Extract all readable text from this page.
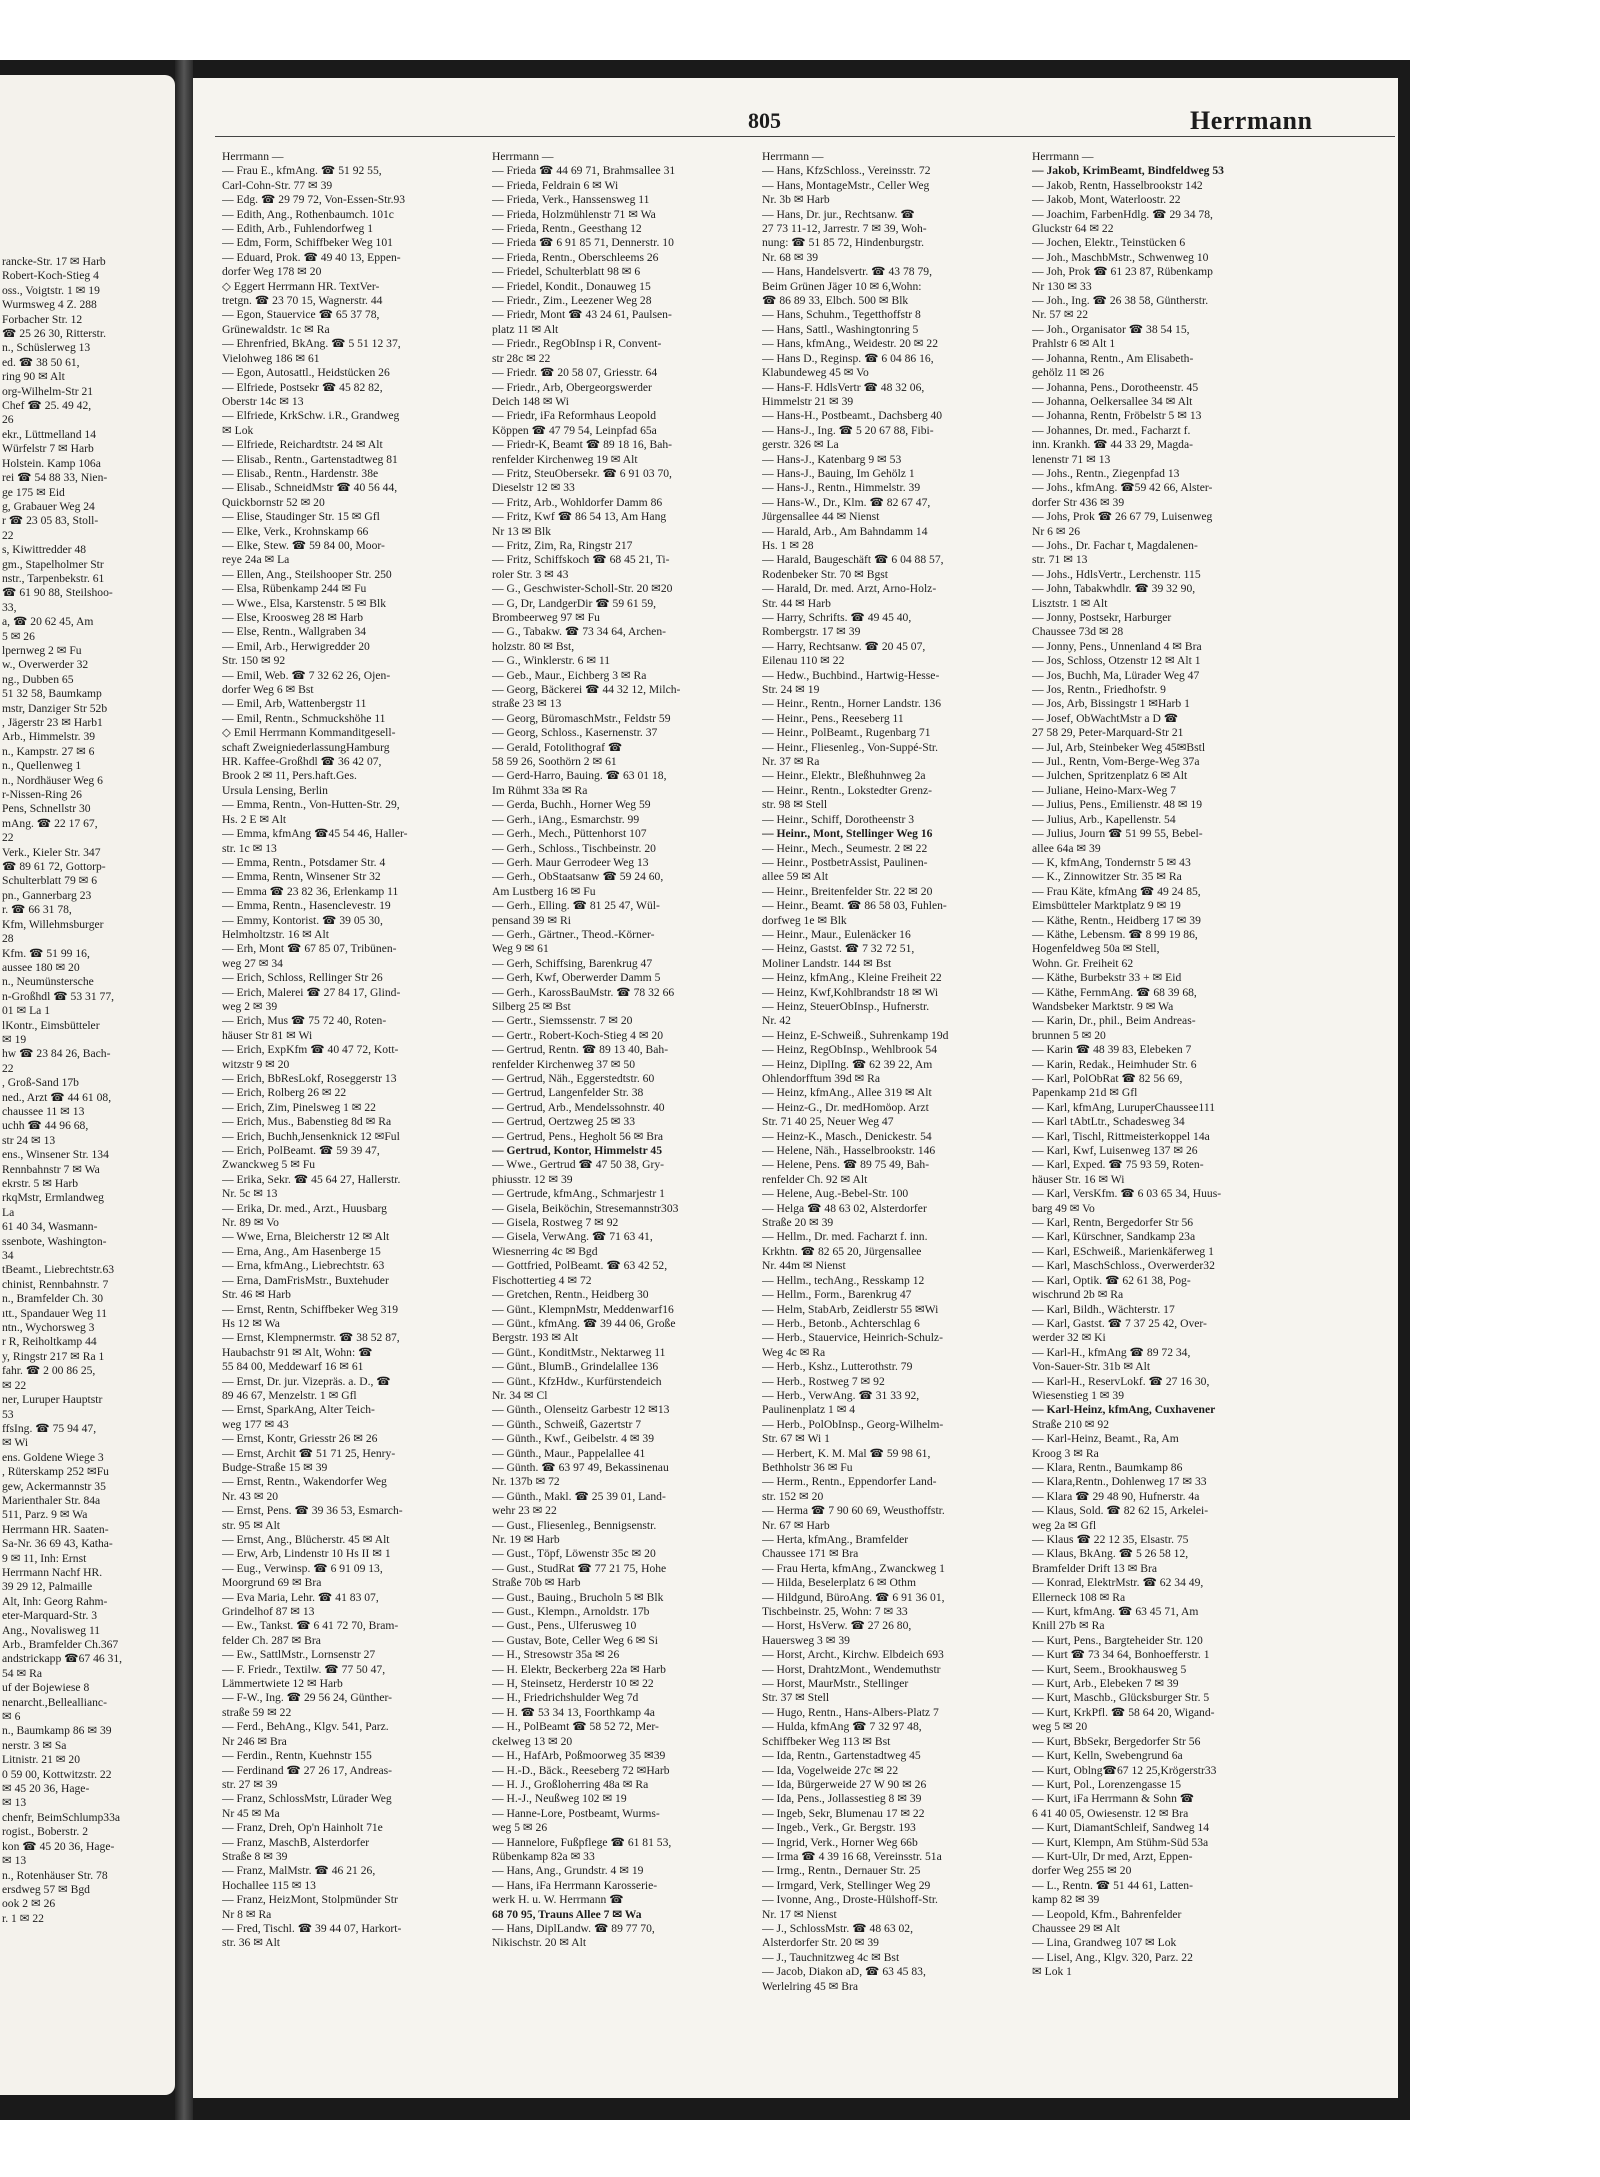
rancke-Str. 17 ✉ Harb
Robert-Koch-Stieg 4
oss., Voigtstr. 1 ✉ 19
Wurmsweg 4 Z. 288
Forbacher Str. 12
☎ 25 26 30, Ritterstr.
n., Schüslerweg 13
ed. ☎ 38 50 61,
ring 90 ✉ Alt
org-Wilhelm-Str 21
Chef ☎ 25. 49 42,
26
ekr., Lüttmelland 14
Würfelstr 7 ✉ Harb
Holstein. Kamp 106a
rei ☎ 54 88 33, Nien-
ge 175 ✉ Eid
g, Grabauer Weg 24
r ☎ 23 05 83, Stoll-
22
s, Kiwittredder 48
gm., Stapelholmer Str
nstr., Tarpenbekstr. 61
☎ 61 90 88, Steilshoo-
33,
a, ☎ 20 62 45, Am
5 ✉ 26
lpernweg 2 ✉ Fu
w., Overwerder 32
ng., Dubben 65
51 32 58, Baumkamp
mstr, Danziger Str 52b
, Jägerstr 23 ✉ Harb1
Arb., Himmelstr. 39
n., Kampstr. 27 ✉ 6
n., Quellenweg 1
n., Nordhäuser Weg 6
r-Nissen-Ring 26
Pens, Schnellstr 30
mAng. ☎ 22 17 67,
22
Verk., Kieler Str. 347
☎ 89 61 72, Gottorp-
Schulterblatt 79 ✉ 6
pn., Gannerbarg 23
r. ☎ 66 31 78,
Kfm, Willehmsburger
28
Kfm. ☎ 51 99 16,
aussee 180 ✉ 20
n., Neumünstersche
n-Großhdl ☎ 53 31 77,
01 ✉ La 1
lKontr., Eimsbütteler
✉ 19
hw ☎ 23 84 26, Bach-
22
, Groß-Sand 17b
ned., Arzt ☎ 44 61 08,
chaussee 11 ✉ 13
uchh ☎ 44 96 68,
str 24 ✉ 13
ens., Winsener Str. 134
Rennbahnstr 7 ✉ Wa
ekrstr. 5 ✉ Harb
rkqMstr, Ermlandweg
La
61 40 34, Wasmann-
ssenbote, Washington-
34
tBeamt., Liebrechtstr.63
chinist, Rennbahnstr. 7
n., Bramfelder Ch. 30
ıtt., Spandauer Weg 11
ntn., Wychorsweg 3
r R, Reiholtkamp 44
y, Ringstr 217 ✉ Ra 1
fahr. ☎ 2 00 86 25,
✉ 22
ner, Luruper Hauptstr
53
ffsIng. ☎ 75 94 47,
✉ Wi
ens. Goldene Wiege 3
, Rüterskamp 252 ✉Fu
gew, Ackermannstr 35
Marienthaler Str. 84a
511, Parz. 9 ✉ Wa
Herrmann HR. Saaten-
Sa-Nr. 36 69 43, Katha-
9 ✉ 11, Inh: Ernst
Herrmann Nachf HR.
39 29 12, Palmaille
Alt, Inh: Georg Rahm-
eter-Marquard-Str. 3
Ang., Novalisweg 11
Arb., Bramfelder Ch.367
andstrickapp ☎67 46 31,
54 ✉ Ra
uf der Bojewiese 8
nenarcht.,Belleallianc-
✉ 6
n., Baumkamp 86 ✉ 39
nerstr. 3 ✉ Sa
Litnistr. 21 ✉ 20
0 59 00, Kottwitzstr. 22
✉ 45 20 36, Hage-
✉ 13
chenfr, BeimSchlump33a
rogist., Boberstr. 2
kon ☎ 45 20 36, Hage-
✉ 13
n., Rotenhäuser Str. 78
ersdweg 57 ✉ Bgd
ook 2 ✉ 26
r. 1 ✉ 22
805	Herrmann
Herrmann —
— Frau E., kfmAng. ☎ 51 92 55,
Carl-Cohn-Str. 77 ✉ 39
— Edg. ☎ 29 79 72, Von-Essen-Str.93
— Edith, Ang., Rothenbaumch. 101c
— Edith, Arb., Fuhlendorfweg 1
— Edm, Form, Schiffbeker Weg 101
— Eduard, Prok. ☎ 49 40 13, Eppen-
dorfer Weg 178 ✉ 20
◇ Eggert Herrmann HR. TextVer-
tretgn. ☎ 23 70 15, Wagnerstr. 44
— Egon, Stauervice ☎ 65 37 78,
Grünewaldstr. 1c ✉ Ra
— Ehrenfried, BkAng. ☎ 5 51 12 37,
Vielohweg 186 ✉ 61
— Egon, Autosattl., Heidstücken 26
— Elfriede, Postsekr ☎ 45 82 82,
Oberstr 14c ✉ 13
— Elfriede, KrkSchw. i.R., Grandweg
✉ Lok
— Elfriede, Reichardtstr. 24 ✉ Alt
— Elisab., Rentn., Gartenstadtweg 81
— Elisab., Rentn., Hardenstr. 38e
— Elisab., SchneidMstr ☎ 40 56 44,
Quickbornstr 52 ✉ 20
— Elise, Staudinger Str. 15 ✉ Gfl
— Elke, Verk., Krohnskamp 66
— Elke, Stew. ☎ 59 84 00, Moor-
reye 24a ✉ La
— Ellen, Ang., Steilshooper Str. 250
— Elsa, Rübenkamp 244 ✉ Fu
— Wwe., Elsa, Karstenstr. 5 ✉ Blk
— Else, Kroosweg 28 ✉ Harb
— Else, Rentn., Wallgraben 34
— Emil, Arb., Herwigredder 20
Str. 150 ✉ 92
— Emil, Web. ☎ 7 32 62 26, Ojen-
dorfer Weg 6 ✉ Bst
— Emil, Arb, Wattenbergstr 11
— Emil, Rentn., Schmuckshöhe 11
◇ Emil Herrmann Kommanditgesell-
schaft ZweigniederlassungHamburg
HR. Kaffee-Großhdl ☎ 36 42 07,
Brook 2 ✉ 11, Pers.haft.Ges.
Ursula Lensing, Berlin
— Emma, Rentn., Von-Hutten-Str. 29,
Hs. 2 E ✉ Alt
— Emma, kfmAng ☎45 54 46, Haller-
str. 1c ✉ 13
— Emma, Rentn., Potsdamer Str. 4
— Emma, Rentn, Winsener Str 32
— Emma ☎ 23 82 36, Erlenkamp 11
— Emma, Rentn., Hasenclevestr. 19
— Emmy, Kontorist. ☎ 39 05 30,
Helmholtzstr. 16 ✉ Alt
— Erh, Mont ☎ 67 85 07, Tribünen-
weg 27 ✉ 34
— Erich, Schloss, Rellinger Str 26
— Erich, Malerei ☎ 27 84 17, Glind-
weg 2 ✉ 39
— Erich, Mus ☎ 75 72 40, Roten-
häuser Str 81 ✉ Wi
— Erich, ExpKfm ☎ 40 47 72, Kott-
witzstr 9 ✉ 20
— Erich, BbResLokf, Roseggerstr 13
— Erich, Rolberg 26 ✉ 22
— Erich, Zim, Pinelsweg 1 ✉ 22
— Erich, Mus., Babenstieg 8d ✉ Ra
— Erich, Buchh,Jensenknick 12 ✉Ful
— Erich, PolBeamt. ☎ 59 39 47,
Zwanckweg 5 ✉ Fu
— Erika, Sekr. ☎ 45 64 27, Hallerstr.
Nr. 5c ✉ 13
— Erika, Dr. med., Arzt., Huusbarg
Nr. 89 ✉ Vo
— Wwe, Erna, Bleicherstr 12 ✉ Alt
— Erna, Ang., Am Hasenberge 15
— Erna, kfmAng., Liebrechtstr. 63
— Erna, DamFrisMstr., Buxtehuder
Str. 46 ✉ Harb
— Ernst, Rentn, Schiffbeker Weg 319
Hs 12 ✉ Wa
— Ernst, Klempnermstr. ☎ 38 52 87,
Haubachstr 91 ✉ Alt, Wohn: ☎
55 84 00, Meddewarf 16 ✉ 61
— Ernst, Dr. jur. Vizepräs. a. D., ☎
89 46 67, Menzelstr. 1 ✉ Gfl
— Ernst, SparkAng, Alter Teich-
weg 177 ✉ 43
— Ernst, Kontr, Griesstr 26 ✉ 26
— Ernst, Archit ☎ 51 71 25, Henry-
Budge-Straße 15 ✉ 39
— Ernst, Rentn., Wakendorfer Weg
Nr. 43 ✉ 20
— Ernst, Pens. ☎ 39 36 53, Esmarch-
str. 95 ✉ Alt
— Ernst, Ang., Blücherstr. 45 ✉ Alt
— Erw, Arb, Lindenstr 10 Hs II ✉ 1
— Eug., Verwinsp. ☎ 6 91 09 13,
Moorgrund 69 ✉ Bra
— Eva Maria, Lehr. ☎ 41 83 07,
Grindelhof 87 ✉ 13
— Ew., Tankst. ☎ 6 41 72 70, Bram-
felder Ch. 287 ✉ Bra
— Ew., SattlMstr., Lornsenstr 27
— F. Friedr., Textilw. ☎ 77 50 47,
Lämmertwiete 12 ✉ Harb
— F-W., Ing. ☎ 29 56 24, Günther-
straße 59 ✉ 22
— Ferd., BehAng., Klgv. 541, Parz.
Nr 246 ✉ Bra
— Ferdin., Rentn, Kuehnstr 155
— Ferdinand ☎ 27 26 17, Andreas-
str. 27 ✉ 39
— Franz, SchlossMstr, Lürader Weg
Nr 45 ✉ Ma
— Franz, Dreh, Op'n Hainholt 71e
— Franz, MaschB, Alsterdorfer
Straße 8 ✉ 39
— Franz, MalMstr. ☎ 46 21 26,
Hochallee 115 ✉ 13
— Franz, HeizMont, Stolpmünder Str
Nr 8 ✉ Ra
— Fred, Tischl. ☎ 39 44 07, Harkort-
str. 36 ✉ Alt
Herrmann —
— Frieda ☎ 44 69 71, Brahmsallee 31
— Frieda, Feldrain 6 ✉ Wi
— Frieda, Verk., Hanssensweg 11
— Frieda, Holzmühlenstr 71 ✉ Wa
— Frieda, Rentn., Geesthang 12
— Frieda ☎ 6 91 85 71, Dennerstr. 10
— Frieda, Rentn., Oberschleems 26
— Friedel, Schulterblatt 98 ✉ 6
— Friedel, Kondit., Donauweg 15
— Friedr., Zim., Leezener Weg 28
— Friedr, Mont ☎ 43 24 61, Paulsen-
platz 11 ✉ Alt
— Friedr., RegObInsp i R, Convent-
str 28c ✉ 22
— Friedr. ☎ 20 58 07, Griesstr. 64
— Friedr., Arb, Obergeorgswerder
Deich 148 ✉ Wi
— Friedr, iFa Reformhaus Leopold
Köppen ☎ 47 79 54, Leinpfad 65a
— Friedr-K, Beamt ☎ 89 18 16, Bah-
renfelder Kirchenweg 19 ✉ Alt
— Fritz, SteuObersekr. ☎ 6 91 03 70,
Dieselstr 12 ✉ 33
— Fritz, Arb., Wohldorfer Damm 86
— Fritz, Kwf ☎ 86 54 13, Am Hang
Nr 13 ✉ Blk
— Fritz, Zim, Ra, Ringstr 217
— Fritz, Schiffskoch ☎ 68 45 21, Ti-
roler Str. 3 ✉ 43
— G., Geschwister-Scholl-Str. 20 ✉20
— G, Dr, LandgerDir ☎ 59 61 59,
Brombeerweg 97 ✉ Fu
— G., Tabakw. ☎ 73 34 64, Archen-
holzstr. 80 ✉ Bst,
— G., Winklerstr. 6 ✉ 11
— Geb., Maur., Eichberg 3 ✉ Ra
— Georg, Bäckerei ☎ 44 32 12, Milch-
straße 23 ✉ 13
— Georg, BüromaschMstr., Feldstr 59
— Georg, Schloss., Kasernenstr. 37
— Gerald, Fotolithograf ☎
58 59 26, Soothörn 2 ✉ 61
— Gerd-Harro, Bauing. ☎ 63 01 18,
Im Rühmt 33a ✉ Ra
— Gerda, Buchh., Horner Weg 59
— Gerh., iAng., Esmarchstr. 99
— Gerh., Mech., Püttenhorst 107
— Gerh., Schloss., Tischbeinstr. 20
— Gerh. Maur Gerrodeer Weg 13
— Gerh., ObStaatsanw ☎ 59 24 60,
Am Lustberg 16 ✉ Fu
— Gerh., Elling. ☎ 81 25 47, Wül-
pensand 39 ✉ Ri
— Gerh., Gärtner., Theod.-Körner-
Weg 9 ✉ 61
— Gerh, Schiffsing, Barenkrug 47
— Gerh, Kwf, Oberwerder Damm 5
— Gerh., KarossBauMstr. ☎ 78 32 66
Silberg 25 ✉ Bst
— Gertr., Siemssenstr. 7 ✉ 20
— Gertr., Robert-Koch-Stieg 4 ✉ 20
— Gertrud, Rentn. ☎ 89 13 40, Bah-
renfelder Kirchenweg 37 ✉ 50
— Gertrud, Näh., Eggerstedtstr. 60
— Gertrud, Langenfelder Str. 38
— Gertrud, Arb., Mendelssohnstr. 40
— Gertrud, Oertzweg 25 ✉ 33
— Gertrud, Pens., Hegholt 56 ✉ Bra
— Gertrud, Kontor, Himmelstr 45
— Wwe., Gertrud ☎ 47 50 38, Gry-
phiusstr. 12 ✉ 39
— Gertrude, kfmAng., Schmarjestr 1
— Gisela, Beiköchin, Stresemannstr303
— Gisela, Rostweg 7 ✉ 92
— Gisela, VerwAng. ☎ 71 63 41,
Wiesnerring 4c ✉ Bgd
— Gottfried, PolBeamt. ☎ 63 42 52,
Fischottertieg 4 ✉ 72
— Gretchen, Rentn., Heidberg 30
— Günt., KlempnMstr, Meddenwarf16
— Günt., kfmAng. ☎ 39 44 06, Große
Bergstr. 193 ✉ Alt
— Günt., KonditMstr., Nektarweg 11
— Günt., BlumB., Grindelallee 136
— Günt., KfzHdw., Kurfürstendeich
Nr. 34 ✉ Cl
— Günth., Olenseitz Garbestr 12 ✉13
— Günth., Schweiß, Gazertstr 7
— Günth., Kwf., Geibelstr. 4 ✉ 39
— Günth., Maur., Pappelallee 41
— Günth. ☎ 63 97 49, Bekassinenau
Nr. 137b ✉ 72
— Günth., Makl. ☎ 25 39 01, Land-
wehr 23 ✉ 22
— Gust., Fliesenleg., Bennigsenstr.
Nr. 19 ✉ Harb
— Gust., Töpf, Löwenstr 35c ✉ 20
— Gust., StudRat ☎ 77 21 75, Hohe
Straße 70b ✉ Harb
— Gust., Bauing., Brucholn 5 ✉ Blk
— Gust., Klempn., Arnoldstr. 17b
— Gust., Pens., Ulferusweg 10
— Gustav, Bote, Celler Weg 6 ✉ Si
— H., Stresowstr 35a ✉ 26
— H. Elektr, Beckerberg 22a ✉ Harb
— H, Steinsetz, Herderstr 10 ✉ 22
— H., Friedrichshulder Weg 7d
— H. ☎ 53 34 13, Foorthkamp 4a
— H., PolBeamt ☎ 58 52 72, Mer-
ckelweg 13 ✉ 20
— H., HafArb, Poßmoorweg 35 ✉39
— H.-D., Bäck., Reeseberg 72 ✉Harb
— H. J., Großloherring 48a ✉ Ra
— H.-J., Neußweg 102 ✉ 19
— Hanne-Lore, Postbeamt, Wurms-
weg 5 ✉ 26
— Hannelore, Fußpflege ☎ 61 81 53,
Rübenkamp 82a ✉ 33
— Hans, Ang., Grundstr. 4 ✉ 19
— Hans, iFa Herrmann Karosserie-
werk H. u. W. Herrmann ☎
68 70 95, Trauns Allee 7 ✉ Wa
— Hans, DiplLandw. ☎ 89 77 70,
Nikischstr. 20 ✉ Alt
Herrmann —
— Hans, KfzSchloss., Vereinsstr. 72
— Hans, MontageMstr., Celler Weg
Nr. 3b ✉ Harb
— Hans, Dr. jur., Rechtsanw. ☎
27 73 11-12, Jarrestr. 7 ✉ 39, Woh-
nung: ☎ 51 85 72, Hindenburgstr.
Nr. 68 ✉ 39
— Hans, Handelsvertr. ☎ 43 78 79,
Beim Grünen Jäger 10 ✉ 6,Wohn:
☎ 86 89 33, Elbch. 500 ✉ Blk
— Hans, Schuhm., Tegetthoffstr 8
— Hans, Sattl., Washingtonring 5
— Hans, kfmAng., Weidestr. 20 ✉ 22
— Hans D., Reginsp. ☎ 6 04 86 16,
Klabundeweg 45 ✉ Vo
— Hans-F. HdlsVertr ☎ 48 32 06,
Himmelstr 21 ✉ 39
— Hans-H., Postbeamt., Dachsberg 40
— Hans-J., Ing. ☎ 5 20 67 88, Fibi-
gerstr. 326 ✉ La
— Hans-J., Katenbarg 9 ✉ 53
— Hans-J., Bauing, Im Gehölz 1
— Hans-J., Rentn., Himmelstr. 39
— Hans-W., Dr., Klm. ☎ 82 67 47,
Jürgensallee 44 ✉ Nienst
— Harald, Arb., Am Bahndamm 14
Hs. 1 ✉ 28
— Harald, Baugeschäft ☎ 6 04 88 57,
Rodenbeker Str. 70 ✉ Bgst
— Harald, Dr. med. Arzt, Arno-Holz-
Str. 44 ✉ Harb
— Harry, Schrifts. ☎ 49 45 40,
Rombergstr. 17 ✉ 39
— Harry, Rechtsanw. ☎ 20 45 07,
Eilenau 110 ✉ 22
— Hedw., Buchbind., Hartwig-Hesse-
Str. 24 ✉ 19
— Heinr., Rentn., Horner Landstr. 136
— Heinr., Pens., Reeseberg 11
— Heinr., PolBeamt., Rugenbarg 71
— Heinr., Fliesenleg., Von-Suppé-Str.
Nr. 37 ✉ Ra
— Heinr., Elektr., Bleßhuhnweg 2a
— Heinr., Rentn., Lokstedter Grenz-
str. 98 ✉ Stell
— Heinr., Schiff, Dorotheenstr 3
— Heinr., Mont, Stellinger Weg 16
— Heinr., Mech., Seumestr. 2 ✉ 22
— Heinr., PostbetrAssist, Paulinen-
allee 59 ✉ Alt
— Heinr., Breitenfelder Str. 22 ✉ 20
— Heinr., Beamt. ☎ 86 58 03, Fuhlen-
dorfweg 1e ✉ Blk
— Heinr., Maur., Eulenäcker 16
— Heinz, Gastst. ☎ 7 32 72 51,
Moliner Landstr. 144 ✉ Bst
— Heinz, kfmAng., Kleine Freiheit 22
— Heinz, Kwf,Kohlbrandstr 18 ✉ Wi
— Heinz, SteuerObInsp., Hufnerstr.
Nr. 42
— Heinz, E-Schweiß., Suhrenkamp 19d
— Heinz, RegObInsp., Wehlbrook 54
— Heinz, DiplIng. ☎ 62 39 22, Am
Ohlendorfftum 39d ✉ Ra
— Heinz, kfmAng., Allee 319 ✉ Alt
— Heinz-G., Dr. medHomöop. Arzt
Str. 71 40 25, Neuer Weg 47
— Heinz-K., Masch., Denickestr. 54
— Helene, Näh., Hasselbrookstr. 146
— Helene, Pens. ☎ 89 75 49, Bah-
renfelder Ch. 92 ✉ Alt
— Helene, Aug.-Bebel-Str. 100
— Helga ☎ 48 63 02, Alsterdorfer
Straße 20 ✉ 39
— Hellm., Dr. med. Facharzt f. inn.
Krkhtn. ☎ 82 65 20, Jürgensallee
Nr. 44m ✉ Nienst
— Hellm., techAng., Resskamp 12
— Hellm., Form., Barenkrug 47
— Helm, StabArb, Zeidlerstr 55 ✉Wi
— Herb., Betonb., Achterschlag 6
— Herb., Stauervice, Heinrich-Schulz-
Weg 4c ✉ Ra
— Herb., Kshz., Lutterothstr. 79
— Herb., Rostweg 7 ✉ 92
— Herb., VerwAng. ☎ 31 33 92,
Paulinenplatz 1 ✉ 4
— Herb., PolObInsp., Georg-Wilhelm-
Str. 67 ✉ Wi 1
— Herbert, K. M. Mal ☎ 59 98 61,
Bethholstr 36 ✉ Fu
— Herm., Rentn., Eppendorfer Land-
str. 152 ✉ 20
— Herma ☎ 7 90 60 69, Weusthoffstr.
Nr. 67 ✉ Harb
— Herta, kfmAng., Bramfelder
Chaussee 171 ✉ Bra
— Frau Herta, kfmAng., Zwanckweg 1
— Hilda, Beselerplatz 6 ✉ Othm
— Hildgund, BüroAng. ☎ 6 91 36 01,
Tischbeinstr. 25, Wohn: 7 ✉ 33
— Horst, HsVerw. ☎ 27 26 80,
Hauersweg 3 ✉ 39
— Horst, Archt., Kirchw. Elbdeich 693
— Horst, DrahtzMont., Wendemuthstr
— Horst, MaurMstr., Stellinger
Str. 37 ✉ Stell
— Hugo, Rentn., Hans-Albers-Platz 7
— Hulda, kfmAng ☎ 7 32 97 48,
Schiffbeker Weg 113 ✉ Bst
— Ida, Rentn., Gartenstadtweg 45
— Ida, Vogelweide 27c ✉ 22
— Ida, Bürgerweide 27 W 90 ✉ 26
— Ida, Pens., Jollassestieg 8 ✉ 39
— Ingeb, Sekr, Blumenau 17 ✉ 22
— Ingeb., Verk., Gr. Bergstr. 193
— Ingrid, Verk., Horner Weg 66b
— Irma ☎ 4 39 16 68, Vereinsstr. 51a
— Irmg., Rentn., Dernauer Str. 25
— Irmgard, Verk, Stellinger Weg 29
— Ivonne, Ang., Droste-Hülshoff-Str.
Nr. 17 ✉ Nienst
— J., SchlossMstr. ☎ 48 63 02,
Alsterdorfer Str. 20 ✉ 39
— J., Tauchnitzweg 4c ✉ Bst
— Jacob, Diakon aD, ☎ 63 45 83,
Werlelring 45 ✉ Bra
Herrmann —
— Jakob, KrimBeamt, Bindfeldweg 53
— Jakob, Rentn, Hasselbrookstr 142
— Jakob, Mont, Waterloostr. 22
— Joachim, FarbenHdlg. ☎ 29 34 78,
Gluckstr 64 ✉ 22
— Jochen, Elektr., Teinstücken 6
— Joh., MaschbMstr., Schwenweg 10
— Joh, Prok ☎ 61 23 87, Rübenkamp
Nr 130 ✉ 33
— Joh., Ing. ☎ 26 38 58, Güntherstr.
Nr. 57 ✉ 22
— Joh., Organisator ☎ 38 54 15,
Prahlstr 6 ✉ Alt 1
— Johanna, Rentn., Am Elisabeth-
gehölz 11 ✉ 26
— Johanna, Pens., Dorotheenstr. 45
— Johanna, Oelkersallee 34 ✉ Alt
— Johanna, Rentn, Fröbelstr 5 ✉ 13
— Johannes, Dr. med., Facharzt f.
inn. Krankh. ☎ 44 33 29, Magda-
lenenstr 71 ✉ 13
— Johs., Rentn., Ziegenpfad 13
— Johs., kfmAng. ☎59 42 66, Alster-
dorfer Str 436 ✉ 39
— Johs, Prok ☎ 26 67 79, Luisenweg
Nr 6 ✉ 26
— Johs., Dr. Fachar t, Magdalenen-
str. 71 ✉ 13
— Johs., HdlsVertr., Lerchenstr. 115
— John, Tabakwhdlr. ☎ 39 32 90,
Lisztstr. 1 ✉ Alt
— Jonny, Postsekr, Harburger
Chaussee 73d ✉ 28
— Jonny, Pens., Unnenland 4 ✉ Bra
— Jos, Schloss, Otzenstr 12 ✉ Alt 1
— Jos, Buchh, Ma, Lürader Weg 47
— Jos, Rentn., Friedhofstr. 9
— Jos, Arb, Bissingstr 1 ✉Harb 1
— Josef, ObWachtMstr a D ☎
27 58 29, Peter-Marquard-Str 21
— Jul, Arb, Steinbeker Weg 45✉Bstl
— Jul., Rentn, Vom-Berge-Weg 37a
— Julchen, Spritzenplatz 6 ✉ Alt
— Juliane, Heino-Marx-Weg 7
— Julius, Pens., Emilienstr. 48 ✉ 19
— Julius, Arb., Kapellenstr. 54
— Julius, Journ ☎ 51 99 55, Bebel-
allee 64a ✉ 39
— K, kfmAng, Tondernstr 5 ✉ 43
— K., Zinnowitzer Str. 35 ✉ Ra
— Frau Käte, kfmAng ☎ 49 24 85,
Eimsbütteler Marktplatz 9 ✉ 19
— Käthe, Rentn., Heidberg 17 ✉ 39
— Käthe, Lebensm. ☎ 8 99 19 86,
Hogenfeldweg 50a ✉ Stell,
Wohn. Gr. Freiheit 62
— Käthe, Burbekstr 33 + ✉ Eid
— Käthe, FernmAng. ☎ 68 39 68,
Wandsbeker Marktstr. 9 ✉ Wa
— Karin, Dr., phil., Beim Andreas-
brunnen 5 ✉ 20
— Karin ☎ 48 39 83, Elebeken 7
— Karin, Redak., Heimhuder Str. 6
— Karl, PolObRat ☎ 82 56 69,
Papenkamp 21d ✉ Gfl
— Karl, kfmAng, LuruperChaussee111
— Karl tAbtLtr., Schadesweg 34
— Karl, Tischl, Rittmeisterkoppel 14a
— Karl, Kwf, Luisenweg 137 ✉ 26
— Karl, Exped. ☎ 75 93 59, Roten-
häuser Str. 16 ✉ Wi
— Karl, VersKfm. ☎ 6 03 65 34, Huus-
barg 49 ✉ Vo
— Karl, Rentn, Bergedorfer Str 56
— Karl, Kürschner, Sandkamp 23a
— Karl, ESchweiß., Marienkäferweg 1
— Karl, MaschSchloss., Overwerder32
— Karl, Optik. ☎ 62 61 38, Pog-
wischrund 2b ✉ Ra
— Karl, Bildh., Wächterstr. 17
— Karl, Gastst. ☎ 7 37 25 42, Over-
werder 32 ✉ Ki
— Karl-H., kfmAng ☎ 89 72 34,
Von-Sauer-Str. 31b ✉ Alt
— Karl-H., ReservLokf. ☎ 27 16 30,
Wiesenstieg 1 ✉ 39
— Karl-Heinz, kfmAng, Cuxhavener
Straße 210 ✉ 92
— Karl-Heinz, Beamt., Ra, Am
Kroog 3 ✉ Ra
— Klara, Rentn., Baumkamp 86
— Klara,Rentn., Dohlenweg 17 ✉ 33
— Klara ☎ 29 48 90, Hufnerstr. 4a
— Klaus, Sold. ☎ 82 62 15, Arkelei-
weg 2a ✉ Gfl
— Klaus ☎ 22 12 35, Elsastr. 75
— Klaus, BkAng. ☎ 5 26 58 12,
Bramfelder Drift 13 ✉ Bra
— Konrad, ElektrMstr. ☎ 62 34 49,
Ellerneck 108 ✉ Ra
— Kurt, kfmAng. ☎ 63 45 71, Am
Knill 27b ✉ Ra
— Kurt, Pens., Bargteheider Str. 120
— Kurt ☎ 73 34 64, Bonhoefferstr. 1
— Kurt, Seem., Brookhausweg 5
— Kurt, Arb., Elebeken 7 ✉ 39
— Kurt, Maschb., Glücksburger Str. 5
— Kurt, KrkPfl. ☎ 58 64 20, Wigand-
weg 5 ✉ 20
— Kurt, BbSekr, Bergedorfer Str 56
— Kurt, Kelln, Swebengrund 6a
— Kurt, Oblng☎67 12 25,Krögerstr33
— Kurt, Pol., Lorenzengasse 15
— Kurt, iFa Herrmann & Sohn ☎
6 41 40 05, Owiesenstr. 12 ✉ Bra
— Kurt, DiamantSchleif, Sandweg 14
— Kurt, Klempn, Am Stühm-Süd 53a
— Kurt-Ulr, Dr med, Arzt, Eppen-
dorfer Weg 255 ✉ 20
— L., Rentn. ☎ 51 44 61, Latten-
kamp 82 ✉ 39
— Leopold, Kfm., Bahrenfelder
Chaussee 29 ✉ Alt
— Lina, Grandweg 107 ✉ Lok
— Lisel, Ang., Klgv. 320, Parz. 22
✉ Lok 1
